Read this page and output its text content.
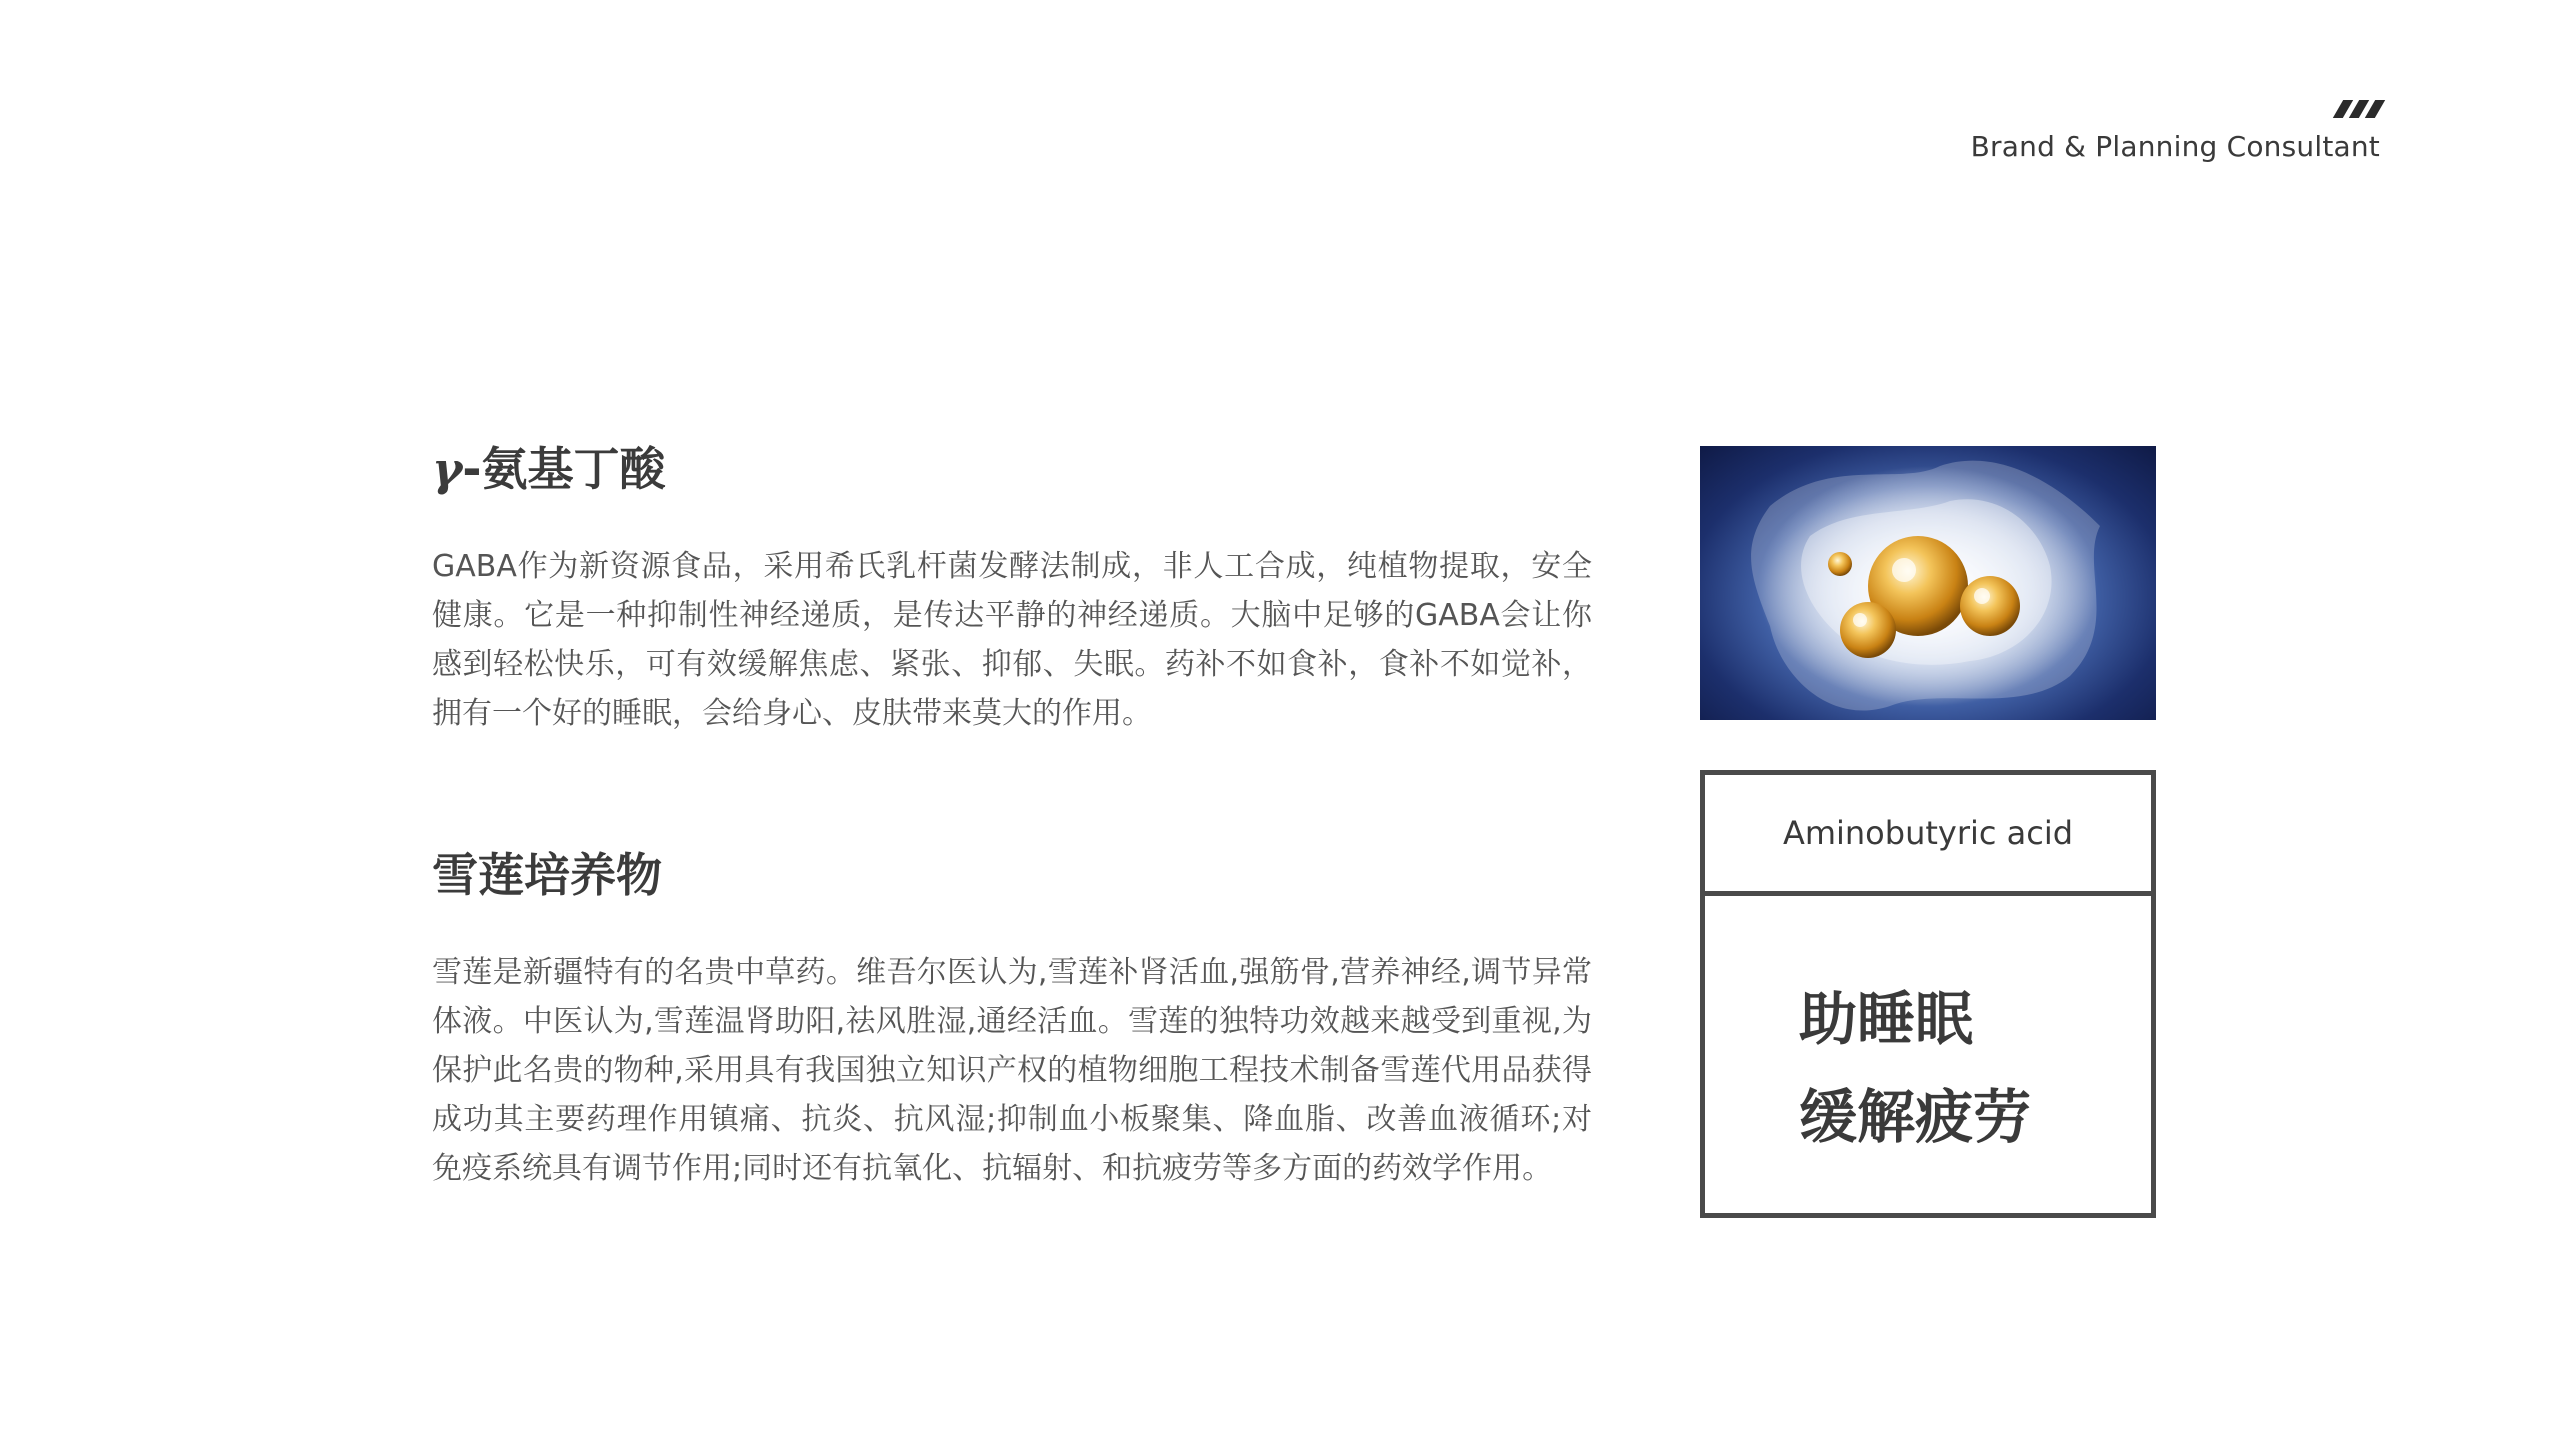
Brand & Planning Consultant
γ-氨基丁酸

GABA作为新资源食品，采用希氏乳杆菌发酵法制成，非人工合成，纯植物提取，安全健康。它是一种抑制性神经递质，是传达平静的神经递质。大脑中足够的GABA会让你感到轻松快乐，可有效缓解焦虑、紧张、抑郁、失眠。药补不如食补，食补不如觉补，拥有一个好的睡眠，会给身心、皮肤带来莫大的作用。

雪莲培养物

雪莲是新疆特有的名贵中草药。维吾尔医认为,雪莲补肾活血,强筋骨,营养神经,调节异常体液。中医认为,雪莲温肾助阳,祛风胜湿,通经活血。雪莲的独特功效越来越受到重视,为保护此名贵的物种,采用具有我国独立知识产权的植物细胞工程技术制备雪莲代用品获得成功其主要药理作用镇痛、抗炎、抗风湿;抑制血小板聚集、降血脂、改善血液循环;对免疫系统具有调节作用;同时还有抗氧化、抗辐射、和抗疲劳等多方面的药效学作用。

Aminobutyric acid
助睡眠
缓解疲劳
